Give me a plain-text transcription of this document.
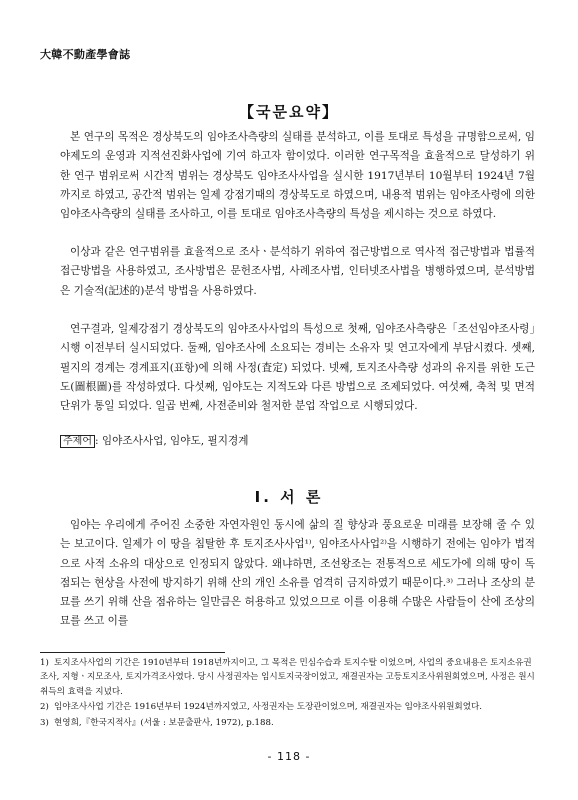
大韓不動產學會誌
【국문요약】

본 연구의 목적은 경상북도의 임야조사측량의 실태를 분석하고, 이를 토대로 특성을 규명함으로써, 임야제도의 운영과 지적선진화사업에 기여 하고자 함이었다. 이러한 연구목적을 효율적으로 달성하기 위한 연구 범위로써 시간적 범위는 경상북도 임야조사사업을 실시한 1917년부터 10월부터 1924년 7월까지로 하였고, 공간적 범위는 일제 강점기때의 경상북도로 하였으며, 내용적 범위는 임야조사령에 의한 임야조사측량의 실태를 조사하고, 이를 토대로 임야조사측량의 특성을 제시하는 것으로 하였다.

이상과 같은 연구범위를 효율적으로 조사ㆍ분석하기 위하여 접근방법으로 역사적 접근방법과 법률적 접근방법을 사용하였고, 조사방법은 문헌조사법, 사례조사법, 인터넷조사법을 병행하였으며, 분석방법은 기술적(記述的)분석 방법을 사용하였다.

연구결과, 일제강점기 경상북도의 임야조사사업의 특성으로 첫째, 임야조사측량은「조선임야조사령」시행 이전부터 실시되었다. 둘째, 임야조사에 소요되는 경비는 소유자 및 연고자에게 부담시켰다. 셋째, 필지의 경계는 경계표지(표항)에 의해 사정(査定) 되었다. 넷째, 토지조사측량 성과의 유지를 위한 도근도(圖根圖)를 작성하였다. 다섯째, 임야도는 지적도와 다른 방법으로 조제되었다. 여섯째, 축척 및 면적단위가 통일 되었다. 일곱 번째, 사전준비와 철저한 분업 작업으로 시행되었다.

주제어 : 임야조사사업, 임야도, 필지경계
Ⅰ. 서 론

임야는 우리에게 주어진 소중한 자연자원인 동시에 삶의 질 향상과 풍요로운 미래를 보장해 줄 수 있는 보고이다. 일제가 이 땅을 침탈한 후 토지조사사업¹⁾, 임야조사사업²⁾을 시행하기 전에는 임야가 법적으로 사적 소유의 대상으로 인정되지 않았다. 왜냐하면, 조선왕조는 전통적으로 세도가에 의해 땅이 독점되는 현상을 사전에 방지하기 위해 산의 개인 소유를 엄격히 금지하였기 때문이다.³⁾ 그러나 조상의 분묘를 쓰기 위해 산을 점유하는 일만큼은 허용하고 있었으므로 이를 이용해 수많은 사람들이 산에 조상의 묘를 쓰고 이를

1) 토지조사사업의 기간은 1910년부터 1918년까지이고, 그 목적은 민심수습과 토지수탈 이었으며, 사업의 중요내용은 토지소유권조사, 지형ㆍ지모조사, 토지가격조사였다. 당시 사정권자는 임시토지국장이었고, 재결권자는 고등토지조사위원회였으며, 사정은 원시취득의 효력을 지녔다.
2) 임야조사사업 기간은 1916년부터 1924년까지였고, 사정권자는 도장관이었으며, 재결권자는 임야조사위원회였다.
3) 현영희,『한국지적사』(서울 : 보문출판사, 1972), p.188.
- 118 -
